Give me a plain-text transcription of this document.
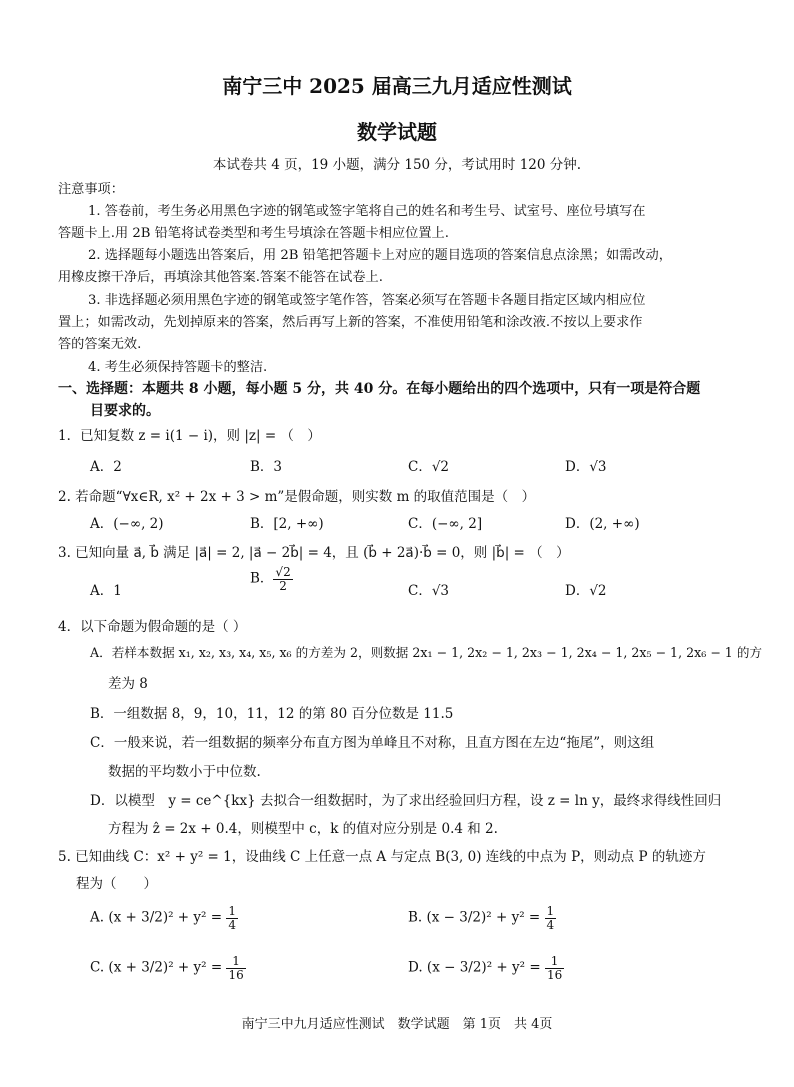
南宁三中 2025 届高三九月适应性测试
数学试题
本试卷共 4 页，19 小题，满分 150 分，考试用时 120 分钟.
注意事项：
1. 答卷前，考生务必用黑色字迹的钢笔或签字笔将自己的姓名和考生号、试室号、座位号填写在
答题卡上.用 2B 铅笔将试卷类型和考生号填涂在答题卡相应位置上.
2. 选择题每小题选出答案后，用 2B 铅笔把答题卡上对应的题目选项的答案信息点涂黑；如需改动，
用橡皮擦干净后，再填涂其他答案.答案不能答在试卷上.
3. 非选择题必须用黑色字迹的钢笔或签字笔作答，答案必须写在答题卡各题目指定区域内相应位
置上；如需改动，先划掉原来的答案，然后再写上新的答案，不准使用铅笔和涂改液.不按以上要求作
答的答案无效.
4. 考生必须保持答题卡的整洁.
一、选择题：本题共 8 小题，每小题 5 分，共 40 分。在每小题给出的四个选项中，只有一项是符合题
目要求的。
1．已知复数 z = i(1 − i)，则 |z| = （　）
A．2	B．3	C．√2	D．√3
2. 若命题“∀x∈R, x² + 2x + 3 > m”是假命题，则实数 m 的取值范围是（　）
A．(−∞, 2)	B．[2, +∞)	C．(−∞, 2]	D．(2, +∞)
3. 已知向量 a⃗, b⃗ 满足 |a⃗| = 2, |a⃗ − 2b⃗| = 4，且 (b⃗ + 2a⃗)·b⃗ = 0，则 |b⃗| = （　）
A．1
B． $\frac{√2}{2}$	C．√3	D．√2
4．以下命题为假命题的是（ ）
A．若样本数据 x₁, x₂, x₃, x₄, x₅, x₆ 的方差为 2，则数据 2x₁ − 1, 2x₂ − 1, 2x₃ − 1, 2x₄ − 1, 2x₅ − 1, 2x₆ − 1 的方
差为 8
B．一组数据 8，9，10，11，12 的第 80 百分位数是 11.5
C．一般来说，若一组数据的频率分布直方图为单峰且不对称，且直方图在左边“拖尾”，则这组
数据的平均数小于中位数.
D．以模型　y = ce^{kx} 去拟合一组数据时，为了求出经验回归方程，设 z = ln y，最终求得线性回归
方程为 ẑ = 2x + 0.4，则模型中 c，k 的值对应分别是 0.4 和 2.
5. 已知曲线 C：x² + y² = 1，设曲线 C 上任意一点 A 与定点 B(3, 0) 连线的中点为 P，则动点 P 的轨迹方
程为（　　）
A. $(x + 3/2)^2 + y^2 = \frac{1}{4}$	B. $(x - 3/2)^2 + y^2 = \frac{1}{4}$
C. $(x + 3/2)^2 + y^2 = \frac{1}{16}$	D. $(x - 3/2)^2 + y^2 = \frac{1}{16}$
南宁三中九月适应性测试　数学试题　第 1页　共 4页
